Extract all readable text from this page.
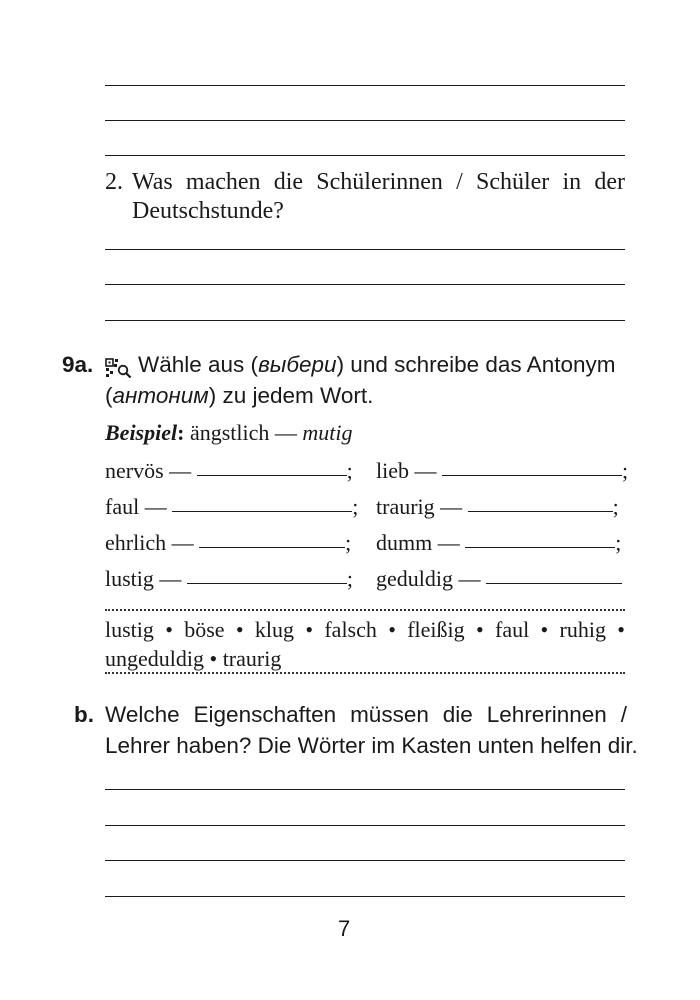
2. Was machen die Schülerinnen / Schüler in der
Deutschstunde?
9a. Wähle aus ( выбери ) und schreibe das Antonym
(антоним) zu jedem Wort.
Beispiel: ängstlich — mutig
nervös —	; lieb —	;
faul —	; traurig —	;
ehrlich —	; dumm —	;
lustig —	; geduldig —
lustig • böse • klug • falsch • fleißig • faul • ruhig •
ungeduldig • traurig
b. Welche Eigenschaften müssen die Lehrerinnen /
Lehrer haben? Die Wörter im Kasten unten helfen dir.
7
